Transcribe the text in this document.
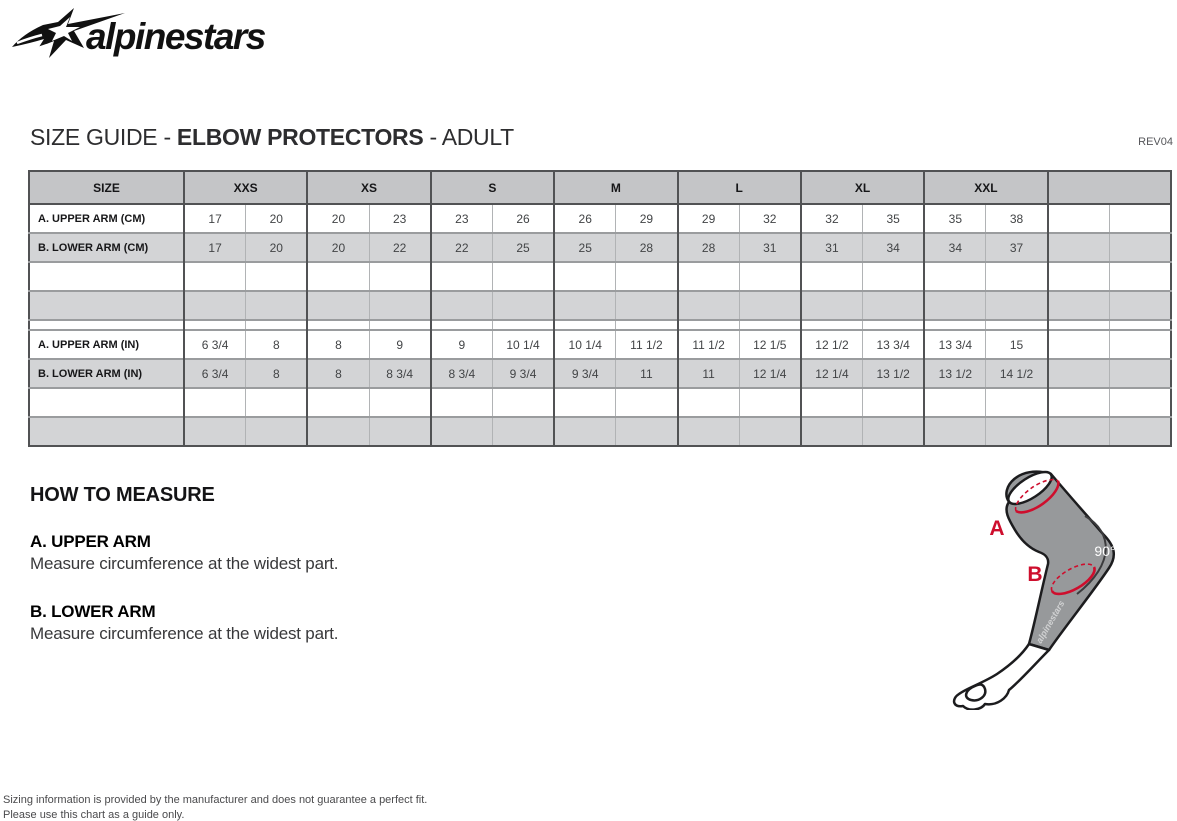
alpinestars
SIZE GUIDE - ELBOW PROTECTORS - ADULT	REV04
SIZE	XXS		XS		S		M		L		XL		XXL			
A. UPPER ARM (CM)	17	20	20	23	23	26	26	29	29	32	32	35	35	38		
B. LOWER ARM (CM)	17	20	20	22	22	25	25	28	28	31	31	34	34	37		

A. UPPER ARM (IN)	6 3/4	8	8	9	9	10 1/4	10 1/4	11 1/2	11 1/2	12 1/5	12 1/2	13 3/4	13 3/4	15		
B. LOWER ARM (IN)	6 3/4	8	8	8 3/4	8 3/4	9 3/4	9 3/4	11	11	12 1/4	12 1/4	13 1/2	13 1/2	14 1/2		

HOW TO MEASURE

A. UPPER ARM

Measure circumference at the widest part.

B. LOWER ARM

Measure circumference at the widest part.	alpinestars
A
B
90°
Sizing information is provided by the manufacturer and does not guarantee a perfect fit.
Please use this chart as a guide only.
